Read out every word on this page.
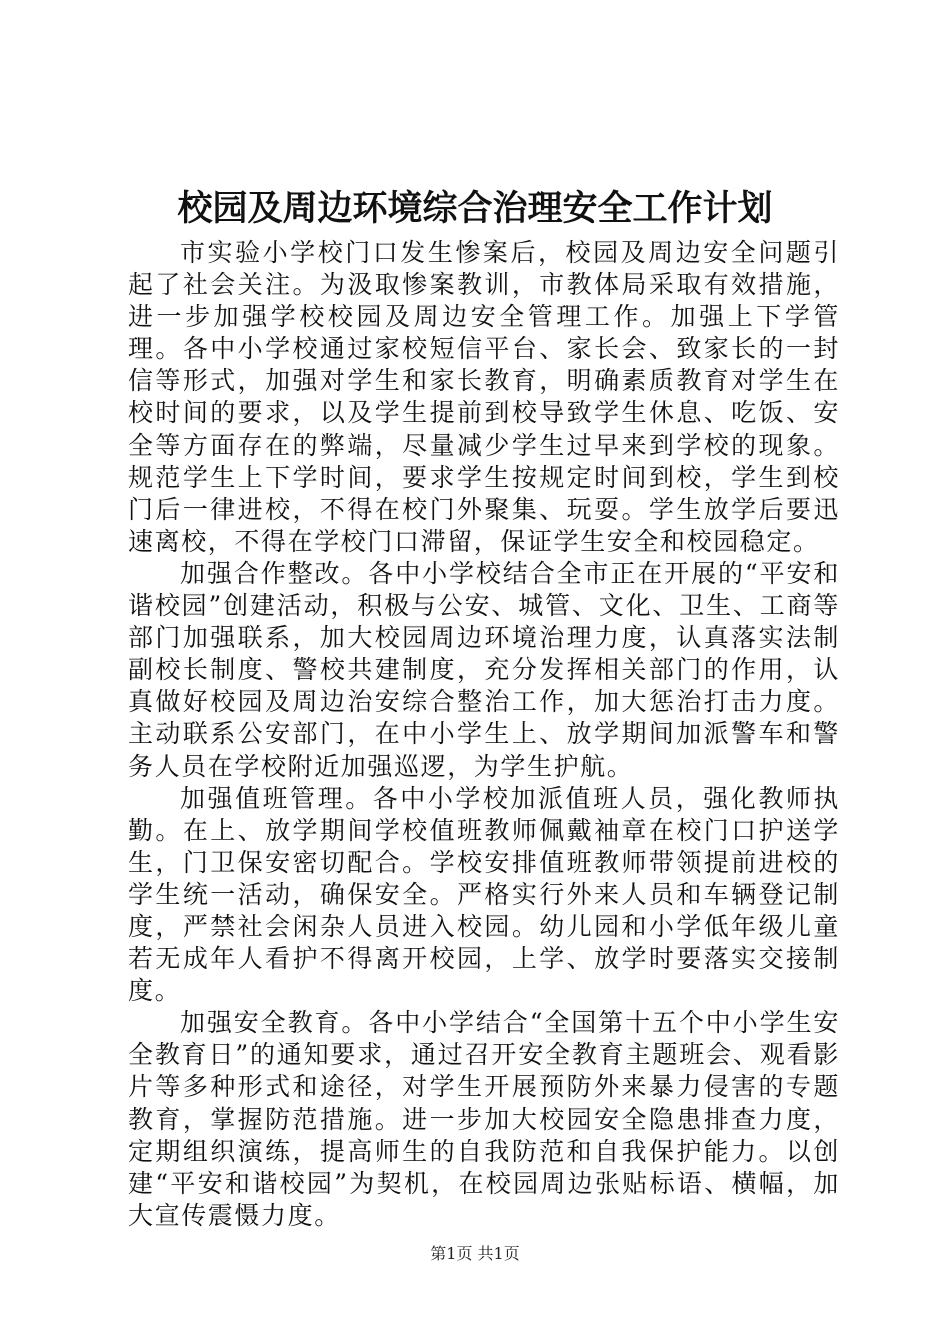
校园及周边环境综合治理安全工作计划

市实验小学校门口发生惨案后，校园及周边安全问题引起了社会关注。为汲取惨案教训，市教体局采取有效措施，进一步加强学校校园及周边安全管理工作。加强上下学管理。各中小学校通过家校短信平台、家长会、致家长的一封信等形式，加强对学生和家长教育，明确素质教育对学生在校时间的要求，以及学生提前到校导致学生休息、吃饭、安全等方面存在的弊端，尽量减少学生过早来到学校的现象。规范学生上下学时间，要求学生按规定时间到校，学生到校门后一律进校，不得在校门外聚集、玩耍。学生放学后要迅速离校，不得在学校门口滞留，保证学生安全和校园稳定。

加强合作整改。各中小学校结合全市正在开展的“平安和谐校园”创建活动，积极与公安、城管、文化、卫生、工商等部门加强联系，加大校园周边环境治理力度，认真落实法制副校长制度、警校共建制度，充分发挥相关部门的作用，认真做好校园及周边治安综合整治工作，加大惩治打击力度。主动联系公安部门，在中小学生上、放学期间加派警车和警务人员在学校附近加强巡逻，为学生护航。

加强值班管理。各中小学校加派值班人员，强化教师执勤。在上、放学期间学校值班教师佩戴袖章在校门口护送学生，门卫保安密切配合。学校安排值班教师带领提前进校的学生统一活动，确保安全。严格实行外来人员和车辆登记制度，严禁社会闲杂人员进入校园。幼儿园和小学低年级儿童若无成年人看护不得离开校园，上学、放学时要落实交接制度。

加强安全教育。各中小学结合“全国第十五个中小学生安全教育日”的通知要求，通过召开安全教育主题班会、观看影片等多种形式和途径，对学生开展预防外来暴力侵害的专题教育，掌握防范措施。进一步加大校园安全隐患排查力度，定期组织演练，提高师生的自我防范和自我保护能力。以创建“平安和谐校园”为契机，在校园周边张贴标语、横幅，加大宣传震慑力度。

第1页 共1页
